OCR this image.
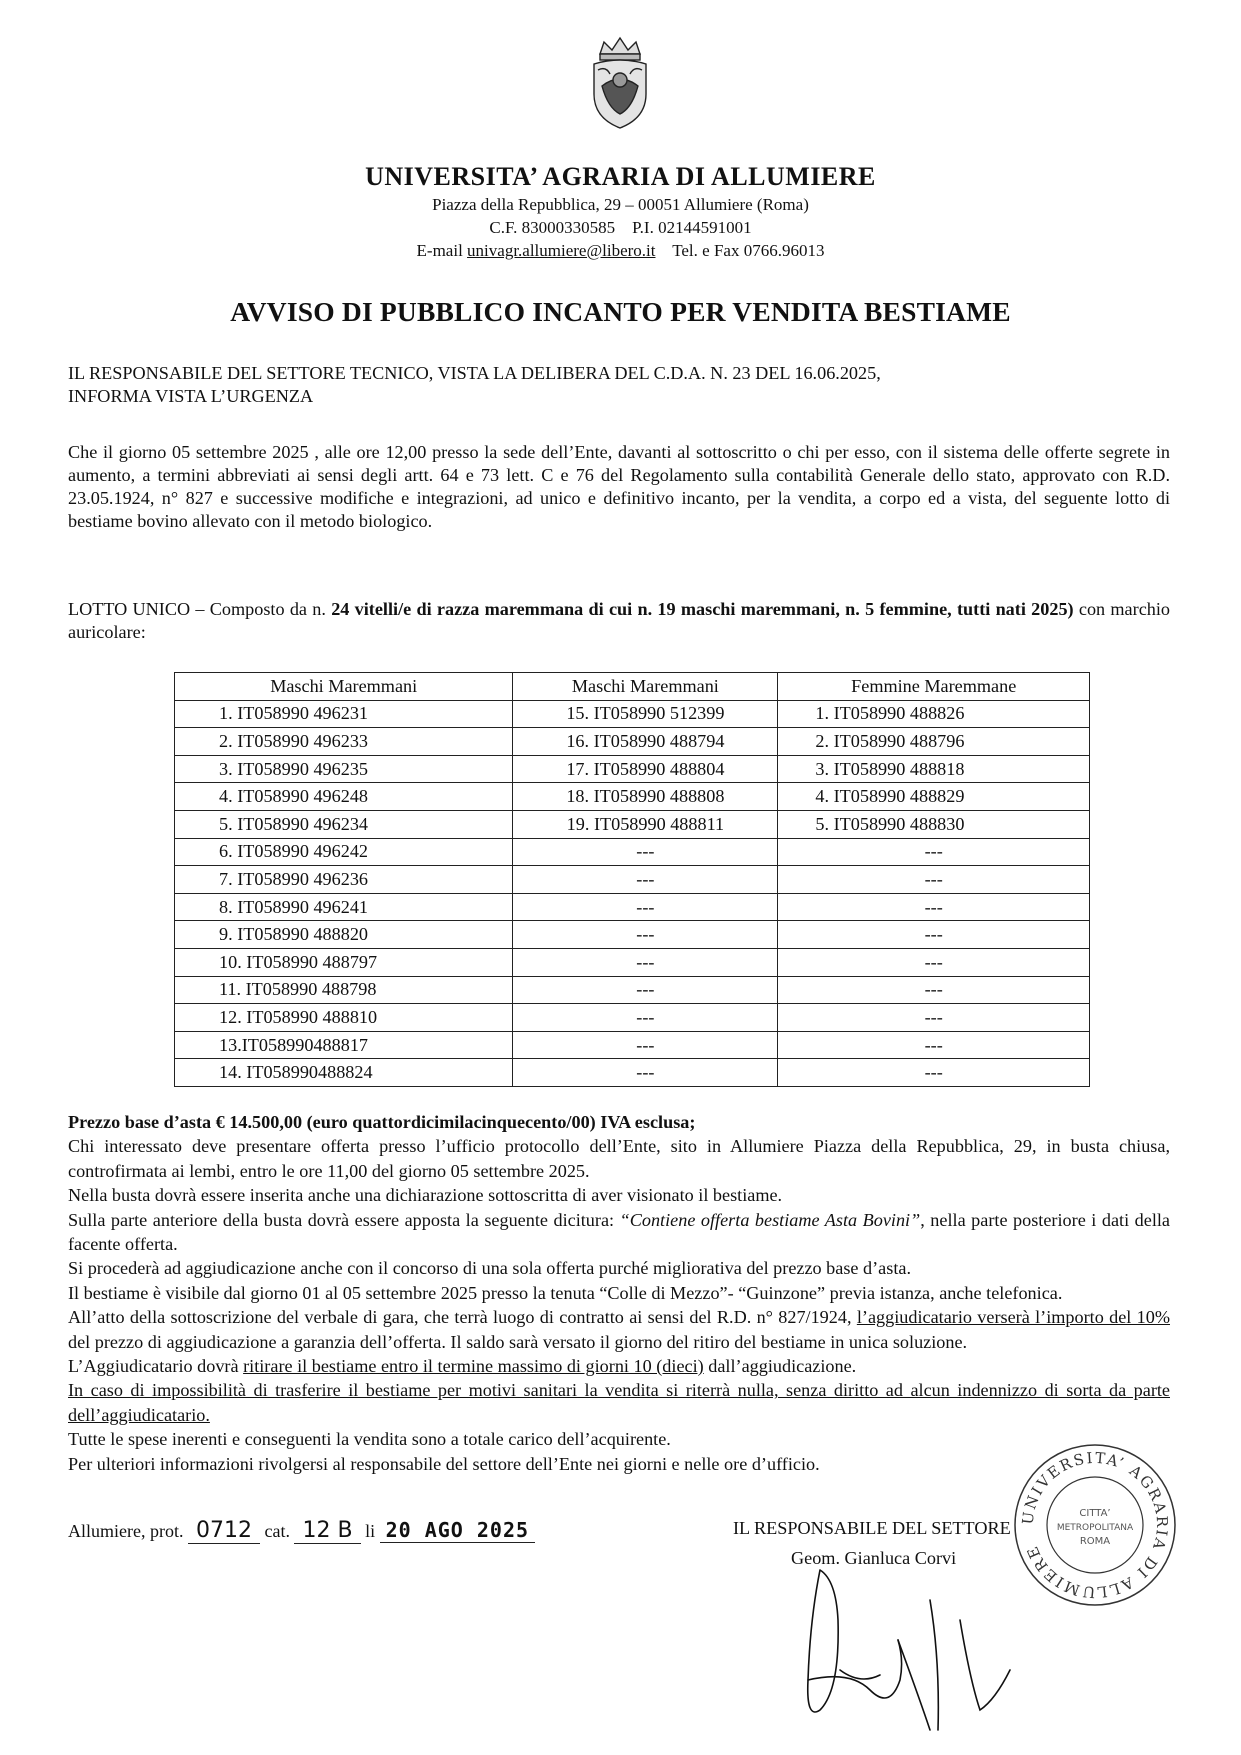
UNIVERSITA’ AGRARIA DI ALLUMIERE
Piazza della Repubblica, 29 – 00051 Allumiere (Roma)
C.F. 83000330585 P.I. 02144591001
E-mail univagr.allumiere@libero.it Tel. e Fax 0766.96013
AVVISO DI PUBBLICO INCANTO PER VENDITA BESTIAME
IL RESPONSABILE DEL SETTORE TECNICO, VISTA LA DELIBERA DEL C.D.A. N. 23 DEL 16.06.2025,
INFORMA VISTA L’URGENZA
Che il giorno 05 settembre 2025 , alle ore 12,00 presso la sede dell’Ente, davanti al sottoscritto o chi per esso, con il sistema delle offerte segrete in aumento, a termini abbreviati ai sensi degli artt. 64 e 73 lett. C e 76 del Regolamento sulla contabilità Generale dello stato, approvato con R.D. 23.05.1924, n° 827 e successive modifiche e integrazioni, ad unico e definitivo incanto, per la vendita, a corpo ed a vista, del seguente lotto di bestiame bovino allevato con il metodo biologico.
LOTTO UNICO – Composto da n. 24 vitelli/e di razza maremmana di cui n. 19 maschi maremmani, n. 5 femmine, tutti nati 2025) con marchio auricolare:
Maschi Maremmani	Maschi Maremmani	Femmine Maremmane
1. IT058990 496231	15. IT058990 512399	1. IT058990 488826
2. IT058990 496233	16. IT058990 488794	2. IT058990 488796
3. IT058990 496235	17. IT058990 488804	3. IT058990 488818
4. IT058990 496248	18. IT058990 488808	4. IT058990 488829
5. IT058990 496234	19. IT058990 488811	5. IT058990 488830
6. IT058990 496242	---	---
7. IT058990 496236	---	---
8. IT058990 496241	---	---
9. IT058990 488820	---	---
10. IT058990 488797	---	---
11. IT058990 488798	---	---
12. IT058990 488810	---	---
13.IT058990488817	---	---
14. IT058990488824	---	---

Prezzo base d’asta € 14.500,00 (euro quattordicimilacinquecento/00) IVA esclusa;

Chi interessato deve presentare offerta presso l’ufficio protocollo dell’Ente, sito in Allumiere Piazza della Repubblica, 29, in busta chiusa, controfirmata ai lembi, entro le ore 11,00 del giorno 05 settembre 2025.

Nella busta dovrà essere inserita anche una dichiarazione sottoscritta di aver visionato il bestiame.

Sulla parte anteriore della busta dovrà essere apposta la seguente dicitura: “Contiene offerta bestiame Asta Bovini”, nella parte posteriore i dati della facente offerta.

Si procederà ad aggiudicazione anche con il concorso di una sola offerta purché migliorativa del prezzo base d’asta.

Il bestiame è visibile dal giorno 01 al 05 settembre 2025 presso la tenuta “Colle di Mezzo”- “Guinzone” previa istanza, anche telefonica.

All’atto della sottoscrizione del verbale di gara, che terrà luogo di contratto ai sensi del R.D. n° 827/1924, l’aggiudicatario verserà l’importo del 10% del prezzo di aggiudicazione a garanzia dell’offerta. Il saldo sarà versato il giorno del ritiro del bestiame in unica soluzione.

L’Aggiudicatario dovrà ritirare il bestiame entro il termine massimo di giorni 10 (dieci) dall’aggiudicazione.

In caso di impossibilità di trasferire il bestiame per motivi sanitari la vendita si riterrà nulla, senza diritto ad alcun indennizzo di sorta da parte dell’aggiudicatario.

Tutte le spese inerenti e conseguenti la vendita sono a totale carico dell’acquirente.

Per ulteriori informazioni rivolgersi al responsabile del settore dell’Ente nei giorni e nelle ore d’ufficio.

Allumiere, prot. 0712 cat. 12 B li 20 AGO 2025	IL RESPONSABILE DEL SETTORE
Geom. Gianluca Corvi
UNIVERSITA’ AGRARIA DI ALLUMIERE
CITTA’
METROPOLITANA
ROMA
